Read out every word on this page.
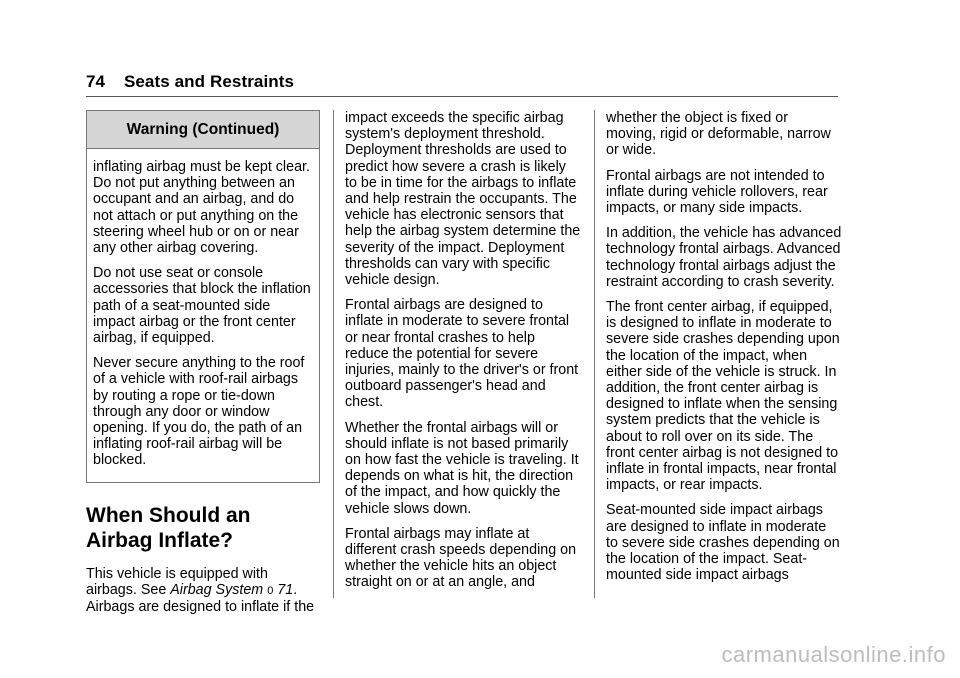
74 Seats and Restraints
Warning (Continued)

inflating airbag must be kept clear. Do not put anything between an occupant and an airbag, and do not attach or put anything on the steering wheel hub or on or near any other airbag covering.

Do not use seat or console accessories that block the inflation path of a seat-mounted side impact airbag or the front center airbag, if equipped.

Never secure anything to the roof of a vehicle with roof-rail airbags by routing a rope or tie-down through any door or window opening. If you do, the path of an inflating roof-rail airbag will be blocked.

When Should an Airbag Inflate?

This vehicle is equipped with airbags. See Airbag System 0 71. Airbags are designed to inflate if the

impact exceeds the specific airbag system's deployment threshold. Deployment thresholds are used to predict how severe a crash is likely to be in time for the airbags to inflate and help restrain the occupants. The vehicle has electronic sensors that help the airbag system determine the severity of the impact. Deployment thresholds can vary with specific vehicle design.

Frontal airbags are designed to inflate in moderate to severe frontal or near frontal crashes to help reduce the potential for severe injuries, mainly to the driver's or front outboard passenger's head and chest.

Whether the frontal airbags will or should inflate is not based primarily on how fast the vehicle is traveling. It depends on what is hit, the direction of the impact, and how quickly the vehicle slows down.

Frontal airbags may inflate at different crash speeds depending on whether the vehicle hits an object straight on or at an angle, and

whether the object is fixed or moving, rigid or deformable, narrow or wide.

Frontal airbags are not intended to inflate during vehicle rollovers, rear impacts, or many side impacts.

In addition, the vehicle has advanced technology frontal airbags. Advanced technology frontal airbags adjust the restraint according to crash severity.

The front center airbag, if equipped, is designed to inflate in moderate to severe side crashes depending upon the location of the impact, when either side of the vehicle is struck. In addition, the front center airbag is designed to inflate when the sensing system predicts that the vehicle is about to roll over on its side. The front center airbag is not designed to inflate in frontal impacts, near frontal impacts, or rear impacts.

Seat-mounted side impact airbags are designed to inflate in moderate to severe side crashes depending on the location of the impact. Seat-mounted side impact airbags

carmanualsonline.info
